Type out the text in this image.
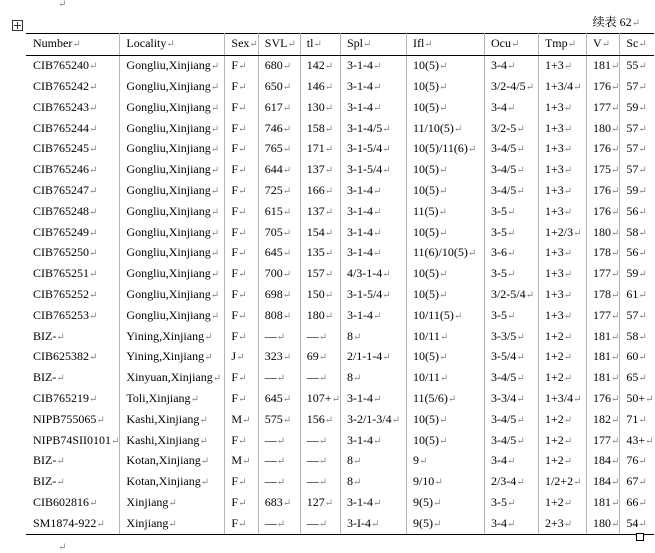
↵
续表 62↵
Number↵	Locality↵	Sex↵	SVL↵	tl↵	Spl↵	Ifl↵	Ocu↵	Tmp↵	V↵	Sc↵
CIB765240↵	Gongliu,Xinjiang↵	F↵	680↵	142↵	3-1-4↵	10(5)↵	3-4↵	1+3↵	181↵	55↵
CIB765242↵	Gongliu,Xinjiang↵	F↵	650↵	146↵	3-1-4↵	10(5)↵	3/2-4/5↵	1+3/4↵	176↵	57↵
CIB765243↵	Gongliu,Xinjiang↵	F↵	617↵	130↵	3-1-4↵	10(5)↵	3-4↵	1+3↵	177↵	59↵
CIB765244↵	Gongliu,Xinjiang↵	F↵	746↵	158↵	3-1-4/5↵	11/10(5)↵	3/2-5↵	1+3↵	180↵	57↵
CIB765245↵	Gongliu,Xinjiang↵	F↵	765↵	171↵	3-1-5/4↵	10(5)/11(6)↵	3-4/5↵	1+3↵	176↵	57↵
CIB765246↵	Gongliu,Xinjiang↵	F↵	644↵	137↵	3-1-5/4↵	10(5)↵	3-4/5↵	1+3↵	175↵	57↵
CIB765247↵	Gongliu,Xinjiang↵	F↵	725↵	166↵	3-1-4↵	10(5)↵	3-4/5↵	1+3↵	176↵	59↵
CIB765248↵	Gongliu,Xinjiang↵	F↵	615↵	137↵	3-1-4↵	11(5)↵	3-5↵	1+3↵	176↵	56↵
CIB765249↵	Gongliu,Xinjiang↵	F↵	705↵	154↵	3-1-4↵	10(5)↵	3-5↵	1+2/3↵	180↵	58↵
CIB765250↵	Gongliu,Xinjiang↵	F↵	645↵	135↵	3-1-4↵	11(6)/10(5)↵	3-6↵	1+3↵	178↵	56↵
CIB765251↵	Gongliu,Xinjiang↵	F↵	700↵	157↵	4/3-1-4↵	10(5)↵	3-5↵	1+3↵	177↵	59↵
CIB765252↵	Gongliu,Xinjiang↵	F↵	698↵	150↵	3-1-5/4↵	10(5)↵	3/2-5/4↵	1+3↵	178↵	61↵
CIB765253↵	Gongliu,Xinjiang↵	F↵	808↵	180↵	3-1-4↵	10/11(5)↵	3-5↵	1+3↵	177↵	57↵
BIZ-↵	Yining,Xinjiang↵	F↵	—↵	—↵	8↵	10/11↵	3-3/5↵	1+2↵	181↵	58↵
CIB625382↵	Yining,Xinjiang↵	J↵	323↵	69↵	2/1-1-4↵	10(5)↵	3-5/4↵	1+2↵	181↵	60↵
BIZ-↵	Xinyuan,Xinjiang↵	F↵	—↵	—↵	8↵	10/11↵	3-4/5↵	1+2↵	181↵	65↵
CIB765219↵	Toli,Xinjiang↵	F↵	645↵	107+↵	3-1-4↵	11(5/6)↵	3-3/4↵	1+3/4↵	176↵	50+↵
NIPB755065↵	Kashi,Xinjiang↵	M↵	575↵	156↵	3-2/1-3/4↵	10(5)↵	3-4/5↵	1+2↵	182↵	71↵
NIPB74SII0101↵	Kashi,Xinjiang↵	F↵	—↵	—↵	3-1-4↵	10(5)↵	3-4/5↵	1+2↵	177↵	43+↵
BIZ-↵	Kotan,Xinjiang↵	M↵	—↵	—↵	8↵	9↵	3-4↵	1+2↵	184↵	76↵
BIZ-↵	Kotan,Xinjiang↵	F↵	—↵	—↵	8↵	9/10↵	2/3-4↵	1/2+2↵	184↵	67↵
CIB602816↵	Xinjiang↵	F↵	683↵	127↵	3-1-4↵	9(5)↵	3-5↵	1+2↵	181↵	66↵
SM1874-922↵	Xinjiang↵	F↵	—↵	—↵	3-I-4↵	9(5)↵	3-4↵	2+3↵	180↵	54↵
↵
